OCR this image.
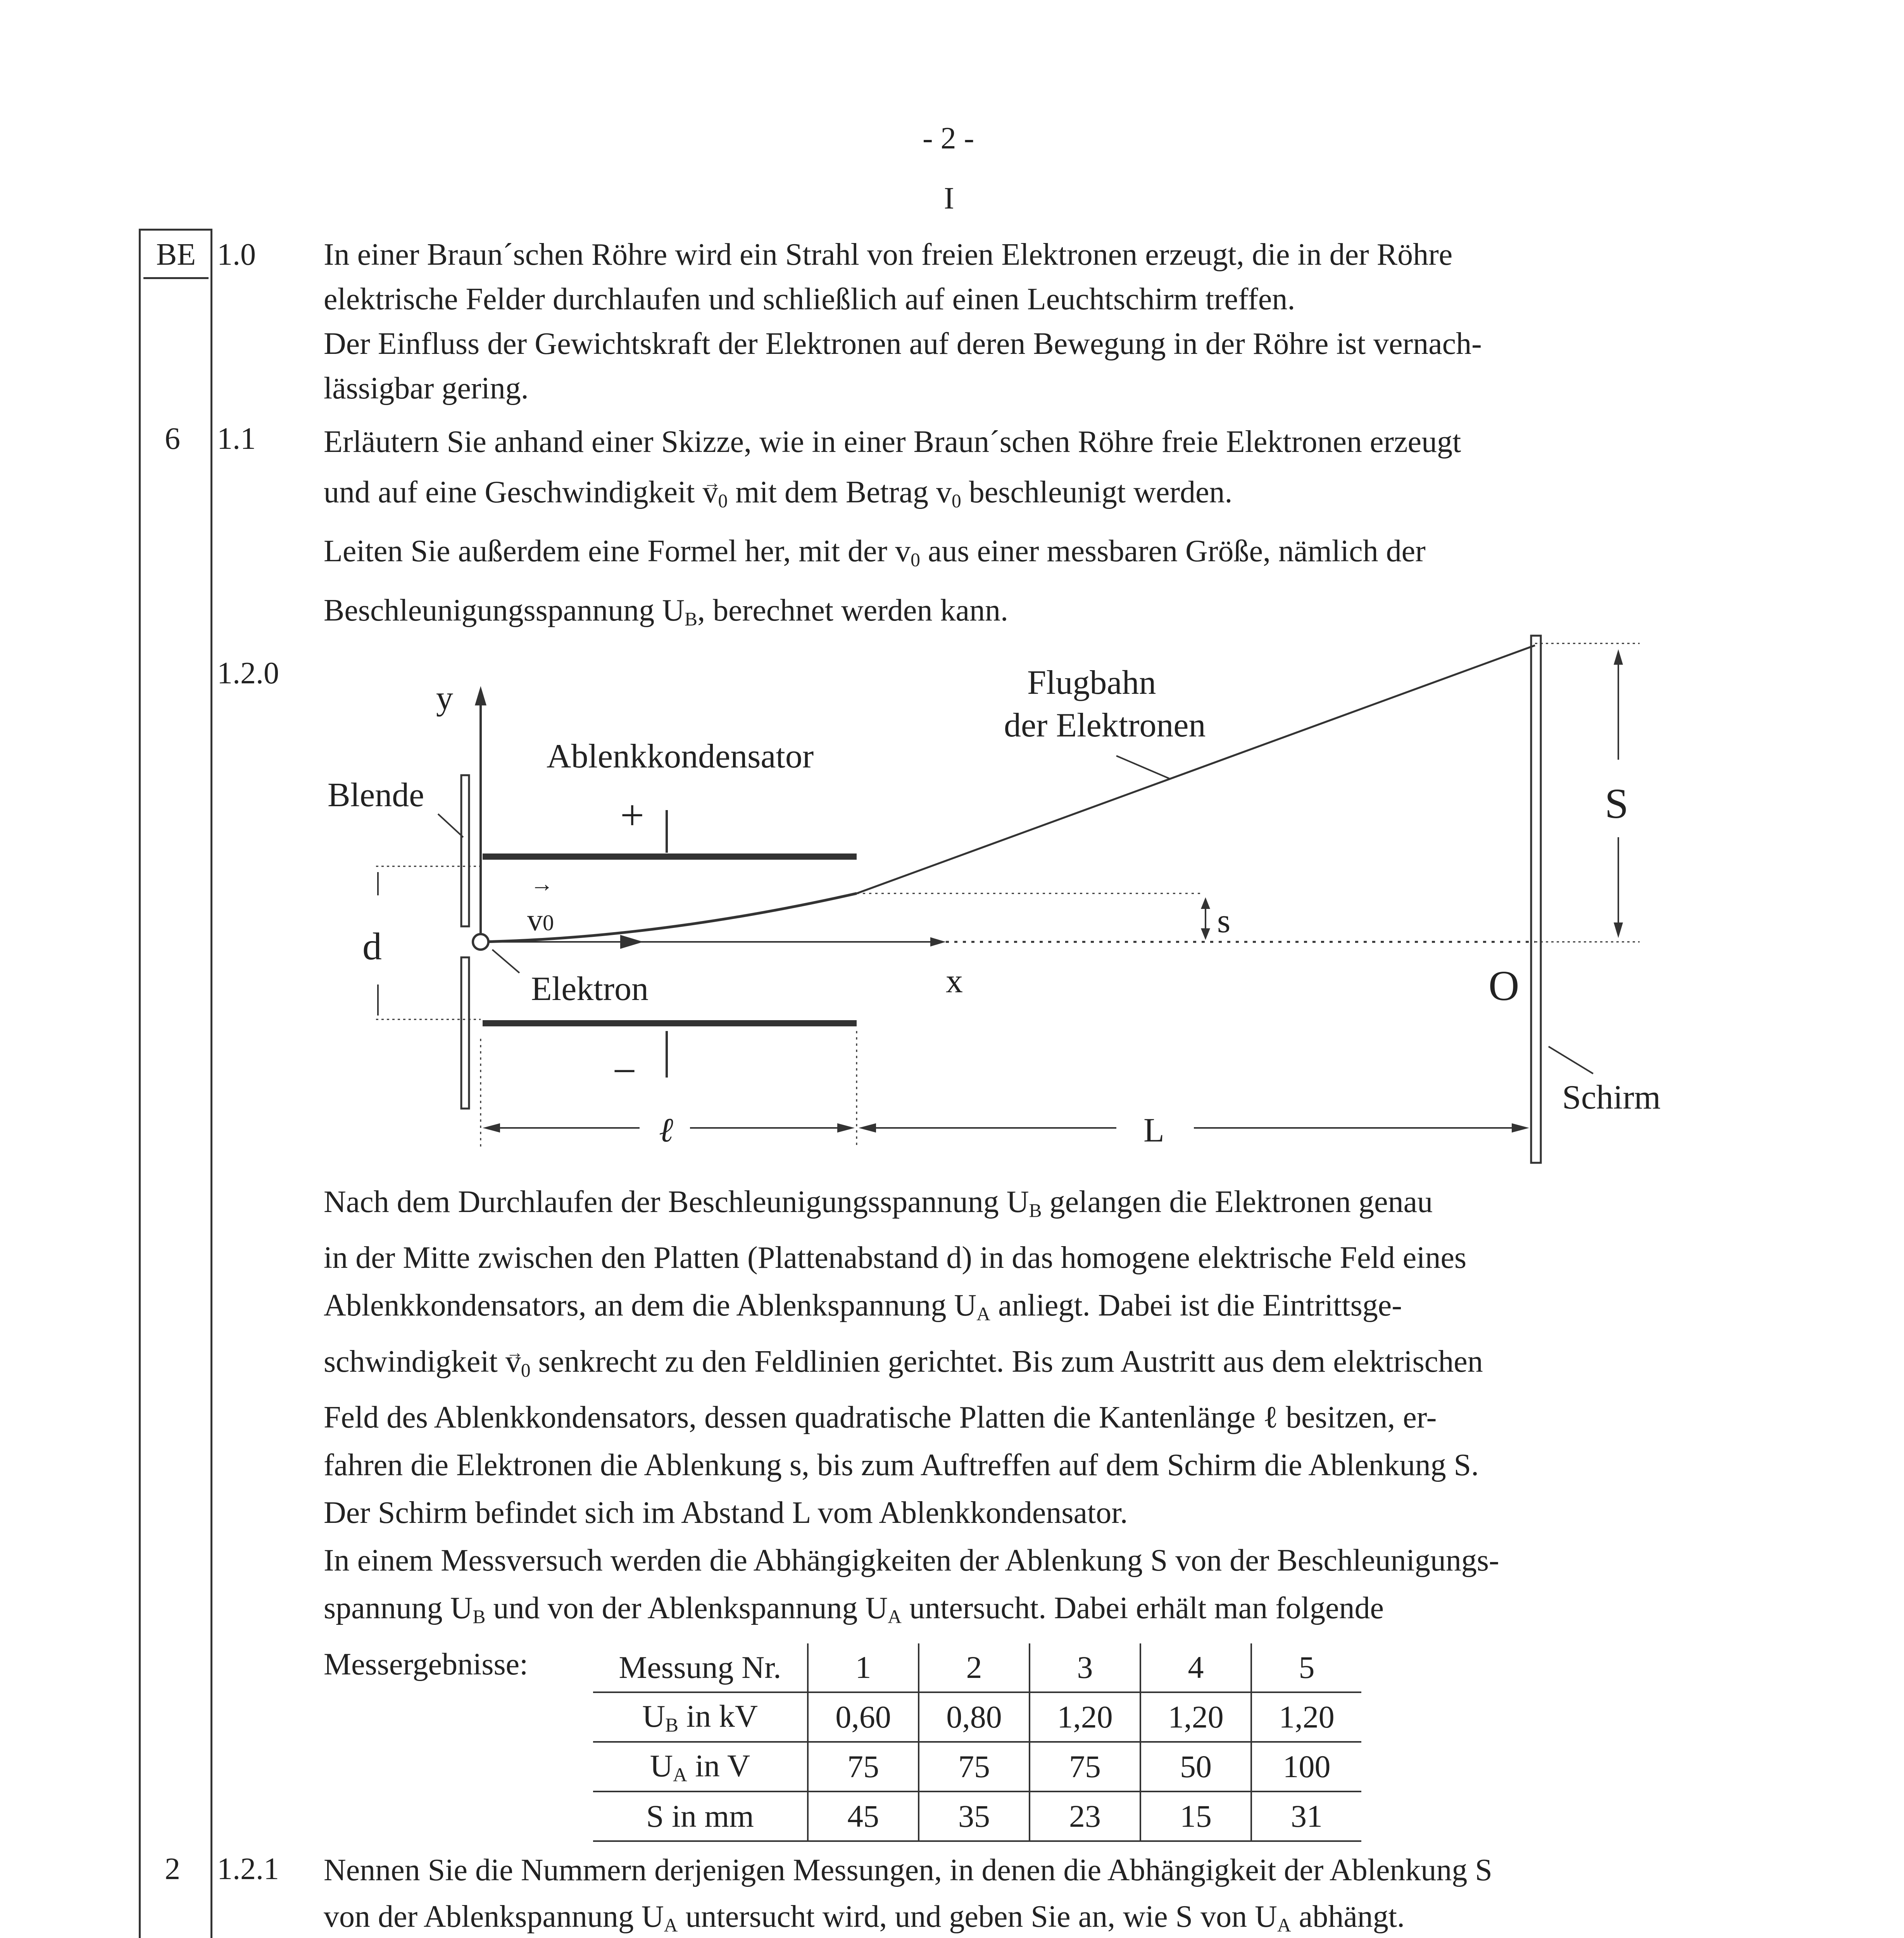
- 2 -
I
BE 1.0 In einer Braun´schen Röhre wird ein Strahl von freien Elektronen erzeugt, die in der Röhre
elektrische Felder durchlaufen und schließlich auf einen Leuchtschirm treffen.
Der Einfluss der Gewichtskraft der Elektronen auf deren Bewegung in der Röhre ist vernach-
lässigbar gering.
6	1.1 Erläutern Sie anhand einer Skizze, wie in einer Braun´schen Röhre freie Elektronen erzeugt
und auf eine Geschwindigkeit → $v_0$ mit dem Betrag $v_0$ beschleunigt werden.
Leiten Sie außerdem eine Formel her, mit der $v_0$ aus einer messbaren Größe, nämlich der
Beschleunigungsspannung $U_B$, berechnet werden kann.
1.2.0
y
Blende
Ablenkkondensator
+
−
Flugbahn
der Elektronen
v0
→
d
Elektron	x
s
S
O
Schirm
ℓ	L
Nach dem Durchlaufen der Beschleunigungsspannung $U_B$ gelangen die Elektronen genau
in der Mitte zwischen den Platten (Plattenabstand d) in das homogene elektrische Feld eines
Ablenkkondensators, an dem die Ablenkspannung $U_A$ anliegt. Dabei ist die Eintrittsge-
schwindigkeit → $v_0$ senkrecht zu den Feldlinien gerichtet. Bis zum Austritt aus dem elektrischen
Feld des Ablenkkondensators, dessen quadratische Platten die Kantenlänge ℓ besitzen, er-
fahren die Elektronen die Ablenkung s, bis zum Auftreffen auf dem Schirm die Ablenkung S.
Der Schirm befindet sich im Abstand L vom Ablenkkondensator.
In einem Messversuch werden die Abhängigkeiten der Ablenkung S von der Beschleunigungs-
spannung $U_B$ und von der Ablenkspannung $U_A$ untersucht. Dabei erhält man folgende
Messergebnisse:	Messung Nr.	1	2	3	4	5
$U_B$ in kV	0,60	0,80	1,20	1,20	1,20
$U_A$ in V	75	75	75	50	100
S in mm	45	35	23	15	31
2	1.2.1 Nennen Sie die Nummern derjenigen Messungen, in denen die Abhängigkeit der Ablenkung S
von der Ablenkspannung $U_A$ untersucht wird, und geben Sie an, wie S von $U_A$ abhängt.
